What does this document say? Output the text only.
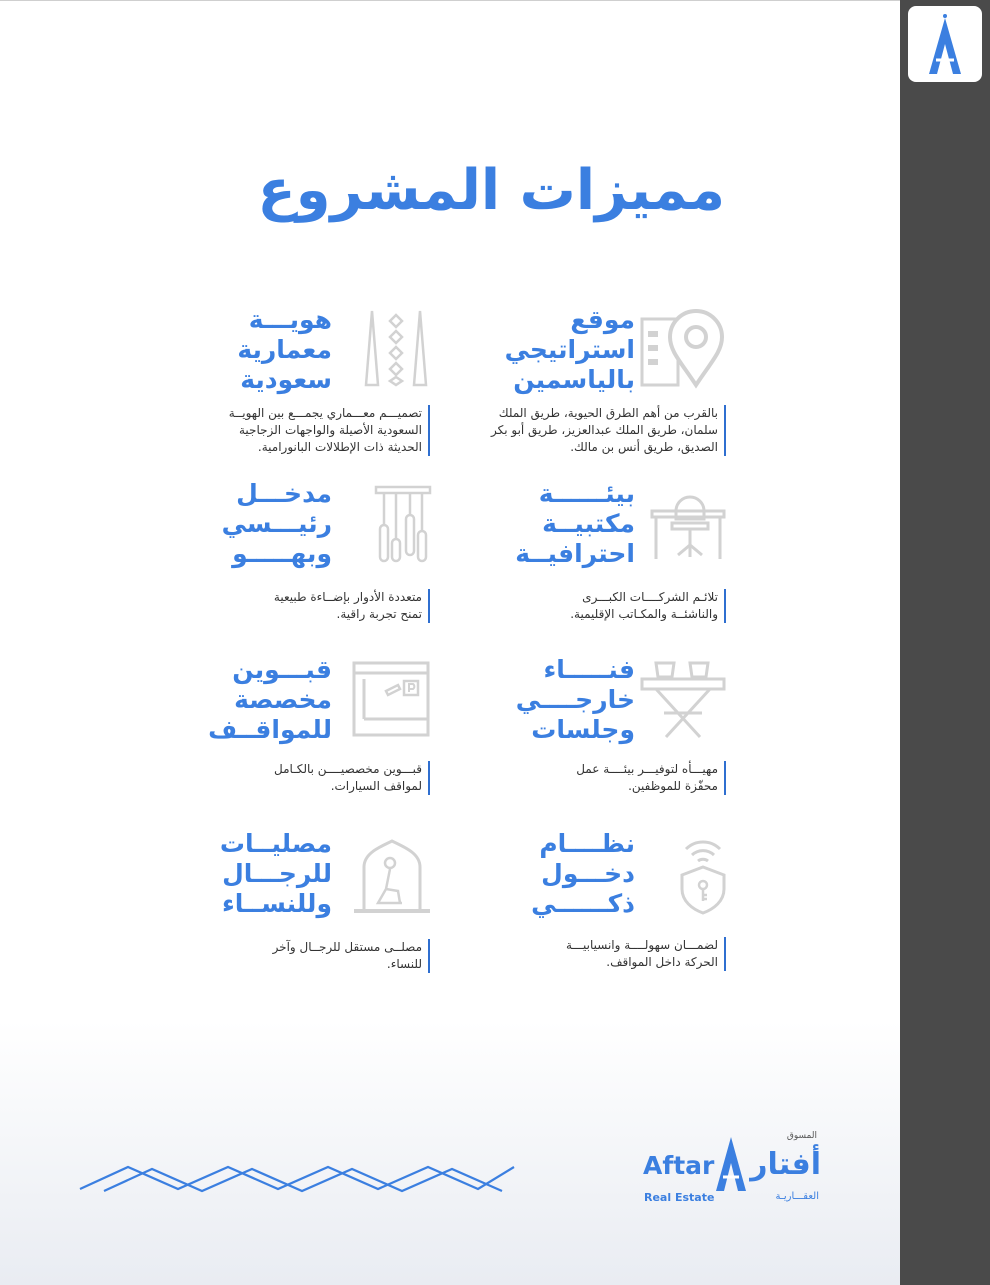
مميزات المشروع
موقع
استراتيجي
بالياسمين
بالقرب من أهم الطرق الحيوية، طريق الملك
سلمان، طريق الملك عبدالعزيز، طريق أبو بكر
الصديق، طريق أنس بن مالك.
هويـــة
معمارية
سعودية
تصميـــم معـــماري يجمـــع بين الهويــة
السعودية الأصيلة والواجهات الزجاجية
الحديثة ذات الإطلالات البانورامية.
بيئــــــة
مكتبيــة
احترافيــة
تلائـم الشركــــات الكبـــرى
والناشئــة والمكـاتب الإقليمية.
مدخـــل
رئيـــسي
وبهـــــو
متعددة الأدوار بإضــاءة طبيعية
تمنح تجربة راقية.
فنـــــاء
خارجــــي
وجلسات
مهيـــأه لتوفيـــر بيئــــة عمل
محفّزة للموظفين.
قبـــوين
مخصصة
للمواقــف
قبـــوين مخصصيــــن بالكـامل
لمواقف السيارات.
نظــــام
دخـــول
ذكــــــي
لضمـــان سهولــــة وانسيابيـــة
الحركة داخل المواقف.
مصليــات
للرجـــال
وللنســاء
مصلــى مستقل للرجــال وآخر
للنساء.
المسوق
أفتار
Aftar
العقـــاريـة
Real Estate
